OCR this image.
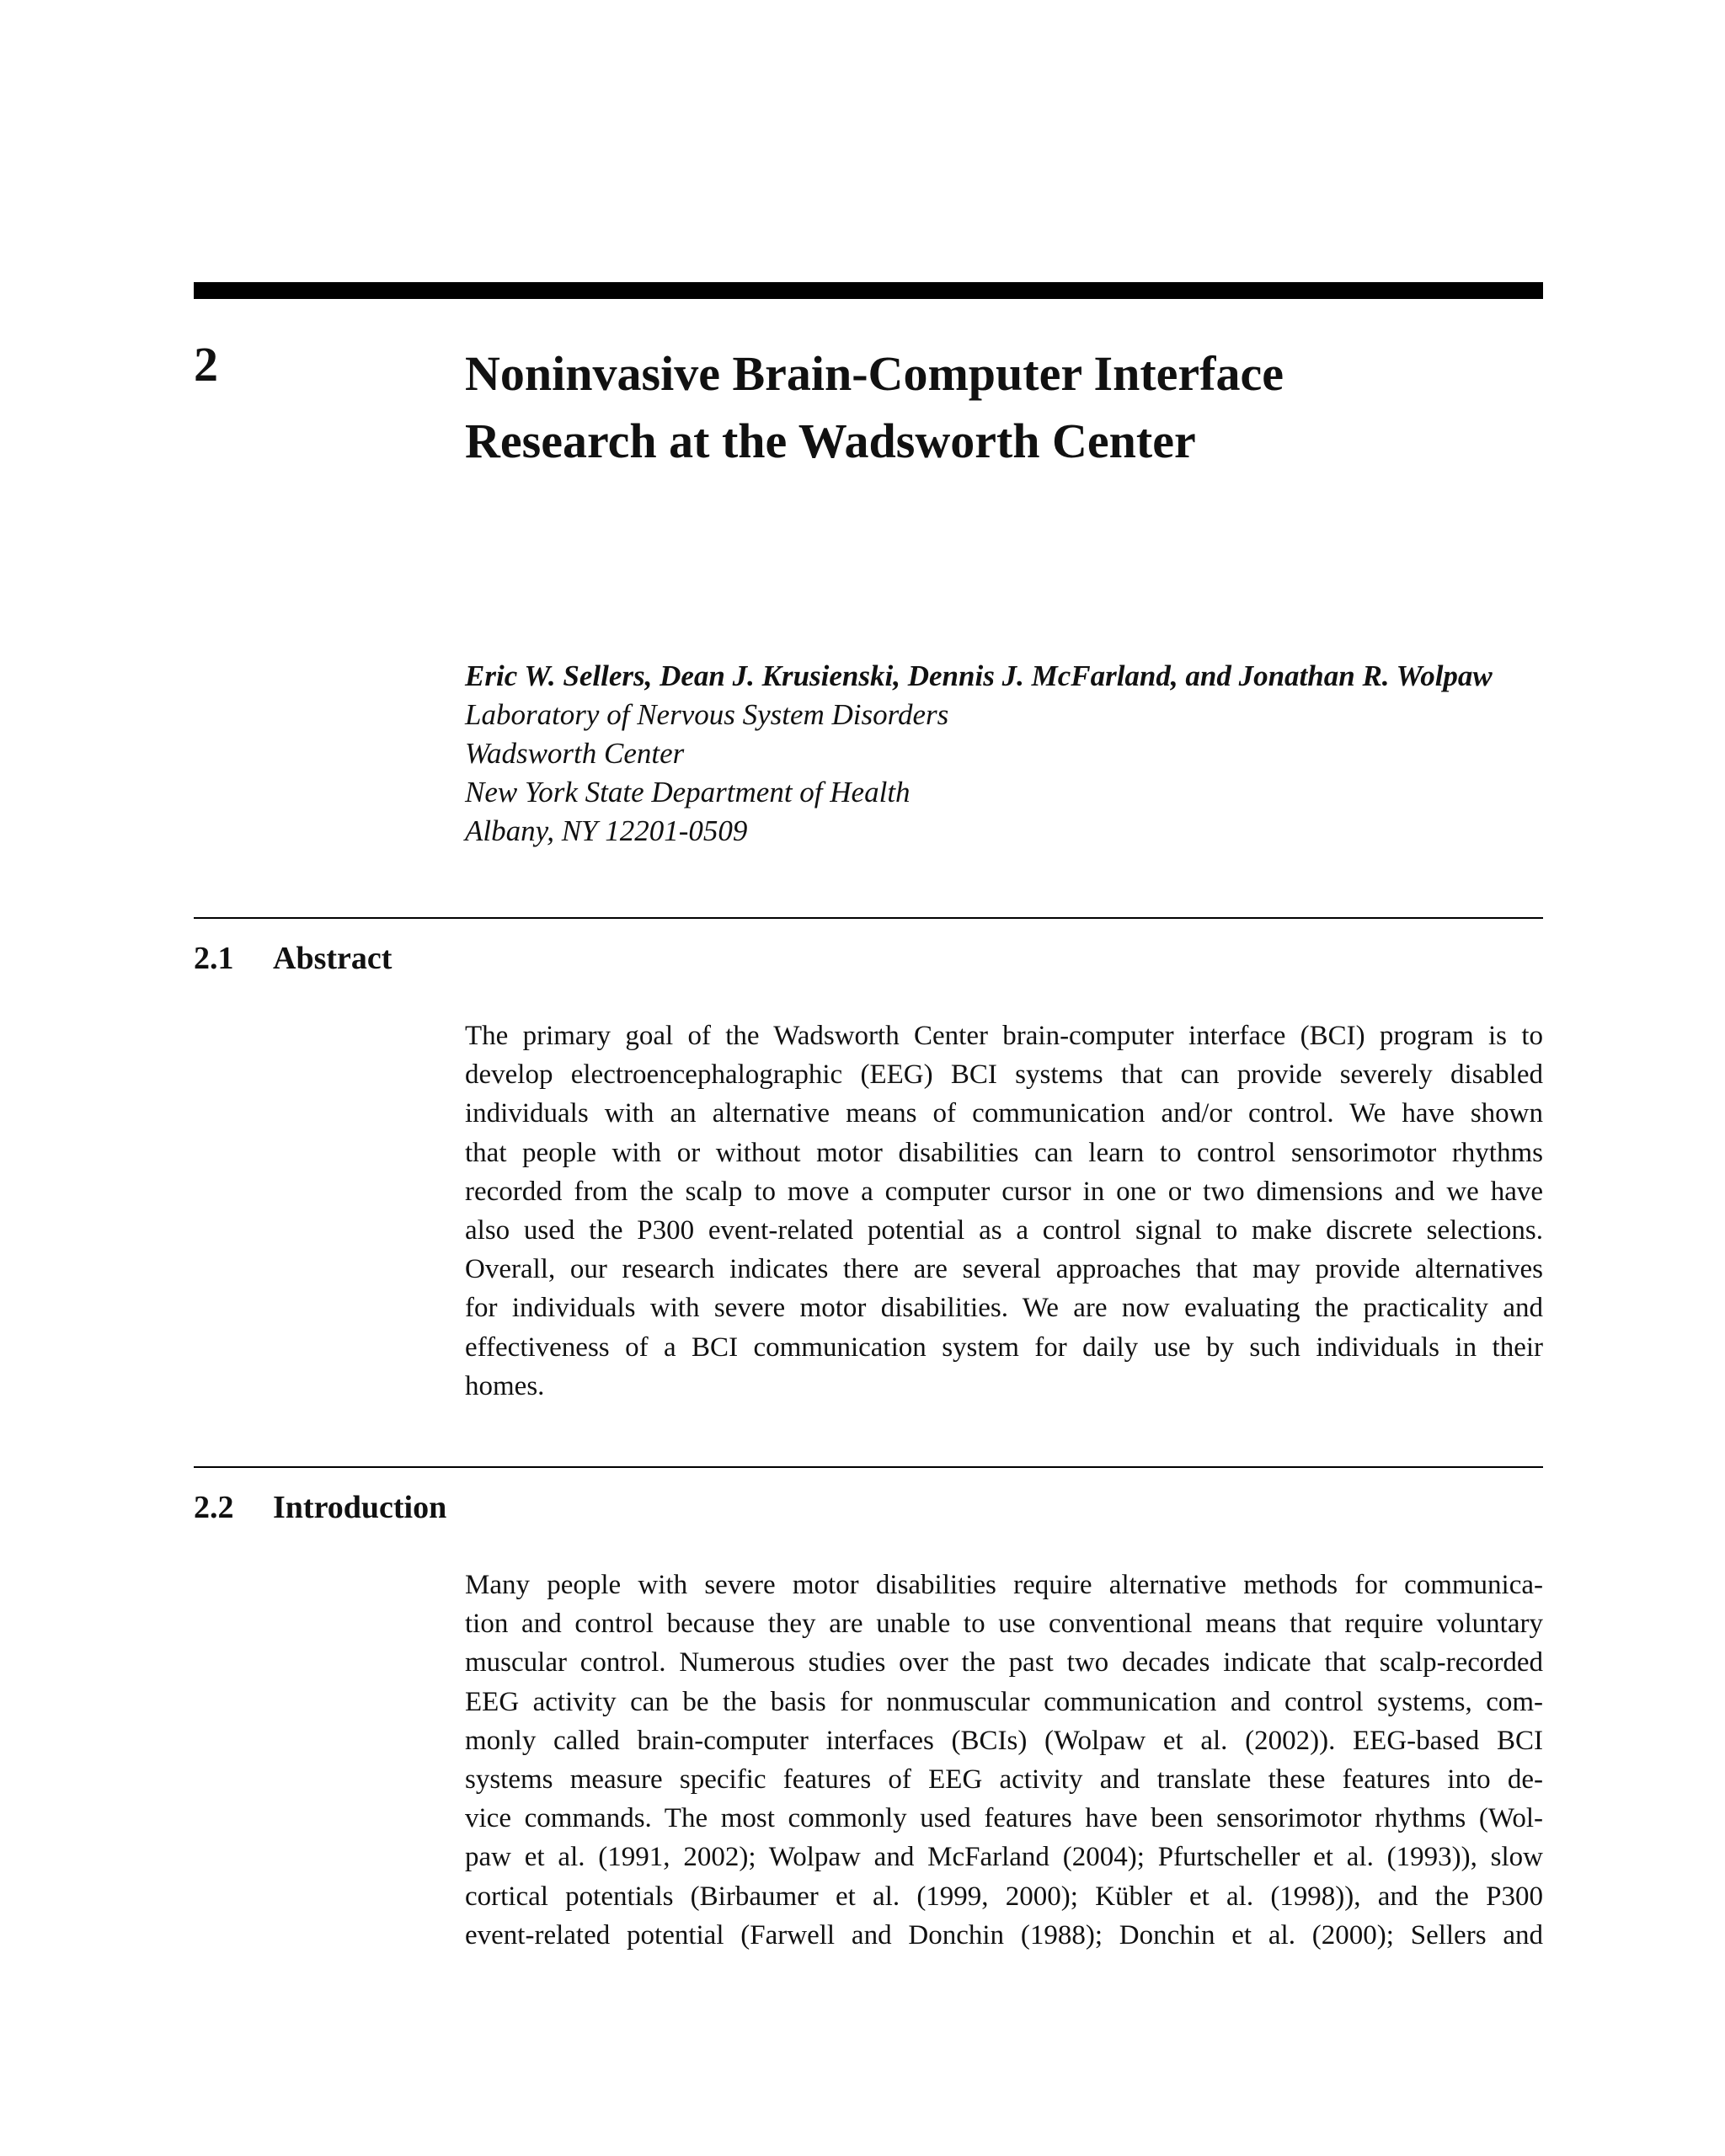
2	Noninvasive Brain-Computer Interface
Research at the Wadsworth Center
Eric W. Sellers, Dean J. Krusienski, Dennis J. McFarland, and Jonathan R. Wolpaw
Laboratory of Nervous System Disorders
Wadsworth Center
New York State Department of Health
Albany, NY 12201-0509
2.1 Abstract
The primary goal of the Wadsworth Center brain-computer interface (BCI) program is to
develop electroencephalographic (EEG) BCI systems that can provide severely disabled
individuals with an alternative means of communication and/or control. We have shown
that people with or without motor disabilities can learn to control sensorimotor rhythms
recorded from the scalp to move a computer cursor in one or two dimensions and we have
also used the P300 event-related potential as a control signal to make discrete selections.
Overall, our research indicates there are several approaches that may provide alternatives
for individuals with severe motor disabilities. We are now evaluating the practicality and
effectiveness of a BCI communication system for daily use by such individuals in their
homes.
2.2 Introduction
Many people with severe motor disabilities require alternative methods for communica-
tion and control because they are unable to use conventional means that require voluntary
muscular control. Numerous studies over the past two decades indicate that scalp-recorded
EEG activity can be the basis for nonmuscular communication and control systems, com-
monly called brain-computer interfaces (BCIs) (Wolpaw et al. (2002)). EEG-based BCI
systems measure specific features of EEG activity and translate these features into de-
vice commands. The most commonly used features have been sensorimotor rhythms (Wol-
paw et al. (1991, 2002); Wolpaw and McFarland (2004); Pfurtscheller et al. (1993)), slow
cortical potentials (Birbaumer et al. (1999, 2000); Kübler et al. (1998)), and the P300
event-related potential (Farwell and Donchin (1988); Donchin et al. (2000); Sellers and
